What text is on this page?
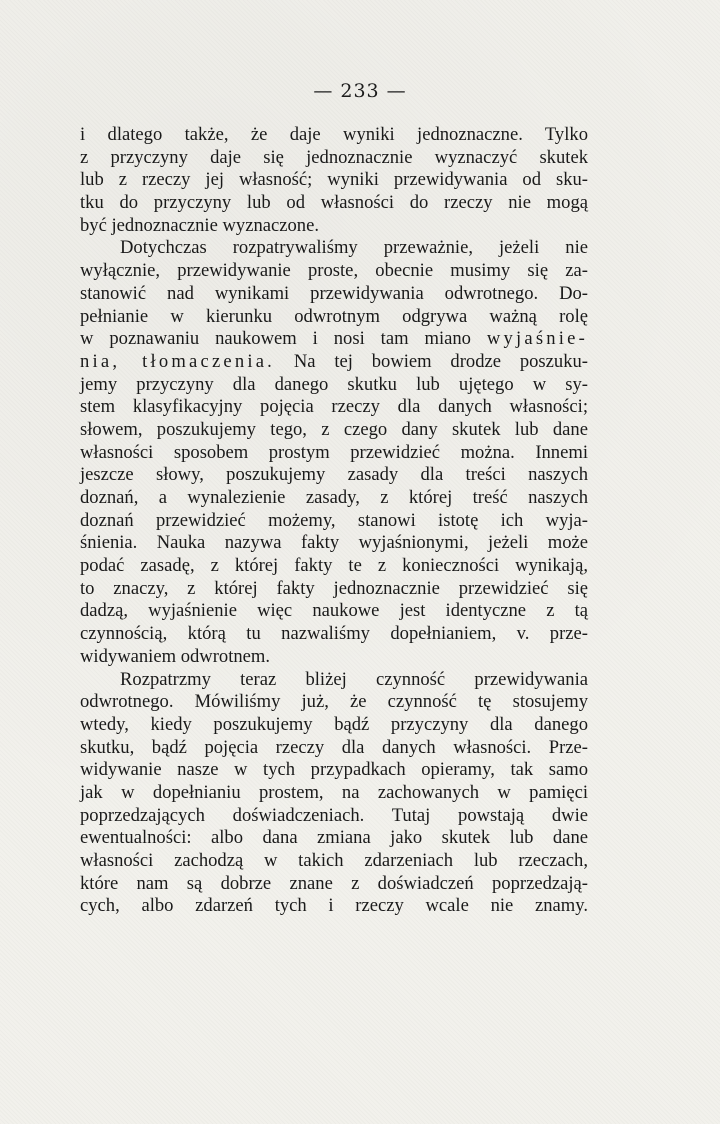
— 233 —
i dlatego także, że daje wyniki jednoznaczne. Tylko
z przyczyny daje się jednoznacznie wyznaczyć skutek
lub z rzeczy jej własność; wyniki przewidywania od sku-
tku do przyczyny lub od własności do rzeczy nie mogą
być jednoznacznie wyznaczone.
Dotychczas rozpatrywaliśmy przeważnie, jeżeli nie
wyłącznie, przewidywanie proste, obecnie musimy się za-
stanowić nad wynikami przewidywania odwrotnego. Do-
pełnianie w kierunku odwrotnym odgrywa ważną rolę
w poznawaniu naukowem i nosi tam miano wyjaśnie-
nia, tłomaczenia. Na tej bowiem drodze poszuku-
jemy przyczyny dla danego skutku lub ujętego w sy-
stem klasyfikacyjny pojęcia rzeczy dla danych własności;
słowem, poszukujemy tego, z czego dany skutek lub dane
własności sposobem prostym przewidzieć można. Innemi
jeszcze słowy, poszukujemy zasady dla treści naszych
doznań, a wynalezienie zasady, z której treść naszych
doznań przewidzieć możemy, stanowi istotę ich wyja-
śnienia. Nauka nazywa fakty wyjaśnionymi, jeżeli może
podać zasadę, z której fakty te z konieczności wynikają,
to znaczy, z której fakty jednoznacznie przewidzieć się
dadzą, wyjaśnienie więc naukowe jest identyczne z tą
czynnością, którą tu nazwaliśmy dopełnianiem, v. prze-
widywaniem odwrotnem.
Rozpatrzmy teraz bliżej czynność przewidywania
odwrotnego. Mówiliśmy już, że czynność tę stosujemy
wtedy, kiedy poszukujemy bądź przyczyny dla danego
skutku, bądź pojęcia rzeczy dla danych własności. Prze-
widywanie nasze w tych przypadkach opieramy, tak samo
jak w dopełnianiu prostem, na zachowanych w pamięci
poprzedzających doświadczeniach. Tutaj powstają dwie
ewentualności: albo dana zmiana jako skutek lub dane
własności zachodzą w takich zdarzeniach lub rzeczach,
które nam są dobrze znane z doświadczeń poprzedzają-
cych, albo zdarzeń tych i rzeczy wcale nie znamy.
